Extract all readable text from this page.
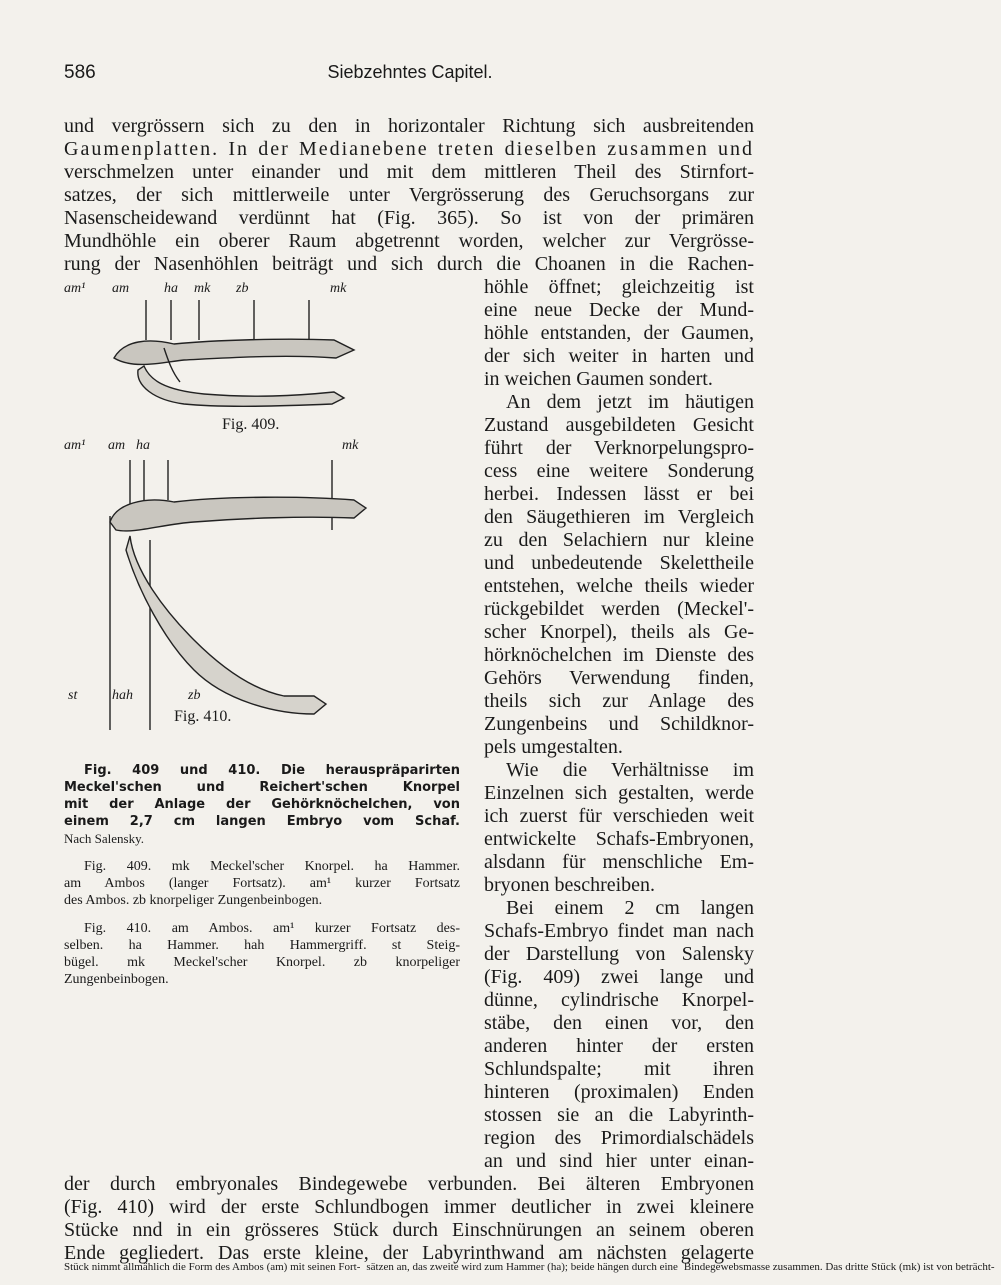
586	Siebzehntes Capitel.
und vergrössern sich zu den in horizontaler Richtung sich ausbreitenden
Gaumenplatten. In der Medianebene treten dieselben zusammen und
verschmelzen unter einander und mit dem mittleren Theil des Stirnfort-
satzes, der sich mittlerweile unter Vergrösserung des Geruchsorgans zur
Nasenscheidewand verdünnt hat (Fig. 365). So ist von der primären
Mundhöhle ein oberer Raum abgetrennt worden, welcher zur Vergrösse-
rung der Nasenhöhlen beiträgt und sich durch die Choanen in die Rachen-
höhle öffnet; gleichzeitig ist
eine neue Decke der Mund-
höhle entstanden, der Gaumen,
der sich weiter in harten und
in weichen Gaumen sondert.
An dem jetzt im häutigen
Zustand ausgebildeten Gesicht
führt der Verknorpelungspro-
cess eine weitere Sonderung
herbei. Indessen lässt er bei
den Säugethieren im Vergleich
zu den Selachiern nur kleine
und unbedeutende Skelettheile
entstehen, welche theils wieder
rückgebildet werden (Meckel'-
scher Knorpel), theils als Ge-
hörknöchelchen im Dienste des
Gehörs Verwendung finden,
theils sich zur Anlage des
Zungenbeins und Schildknor-
pels umgestalten.
Wie die Verhältnisse im
Einzelnen sich gestalten, werde
ich zuerst für verschieden weit
entwickelte Schafs-Embryonen,
alsdann für menschliche Em-
bryonen beschreiben.
Bei einem 2 cm langen
Schafs-Embryo findet man nach
der Darstellung von Salensky
(Fig. 409) zwei lange und
dünne, cylindrische Knorpel-
stäbe, den einen vor, den
anderen hinter der ersten
Schlundspalte; mit ihren
hinteren (proximalen) Enden
stossen sie an die Labyrinth-
region des Primordialschädels
an und sind hier unter einan-
am¹ am ha mk zb	mk
Fig. 409.
am¹ am ha	mk
st hah	zb
Fig. 410.
Fig. 409 und 410. Die herauspräparirten
Meckel'schen und Reichert'schen Knorpel
mit der Anlage der Gehörknöchelchen, von
einem 2,7 cm langen Embryo vom Schaf.
Nach Salensky.
Fig. 409. mk Meckel'scher Knorpel. ha Hammer.
am Ambos (langer Fortsatz). am¹ kurzer Fortsatz
des Ambos. zb knorpeliger Zungenbeinbogen.
Fig. 410. am Ambos. am¹ kurzer Fortsatz des-
selben. ha Hammer. hah Hammergriff. st Steig-
bügel. mk Meckel'scher Knorpel. zb knorpeliger
Zungenbeinbogen.
der durch embryonales Bindegewebe verbunden. Bei älteren Embryonen
(Fig. 410) wird der erste Schlundbogen immer deutlicher in zwei kleinere
Stücke nnd in ein grösseres Stück durch Einschnürungen an seinem oberen
Ende gegliedert. Das erste kleine, der Labyrinthwand am nächsten gelagerte
Stück nimmt allmählich die Form des Ambos (am) mit seinen Fort- sätzen an, das zweite wird zum Hammer (ha); beide hängen durch eine Bindegewebsmasse zusammen. Das dritte Stück (mk) ist von beträcht-
